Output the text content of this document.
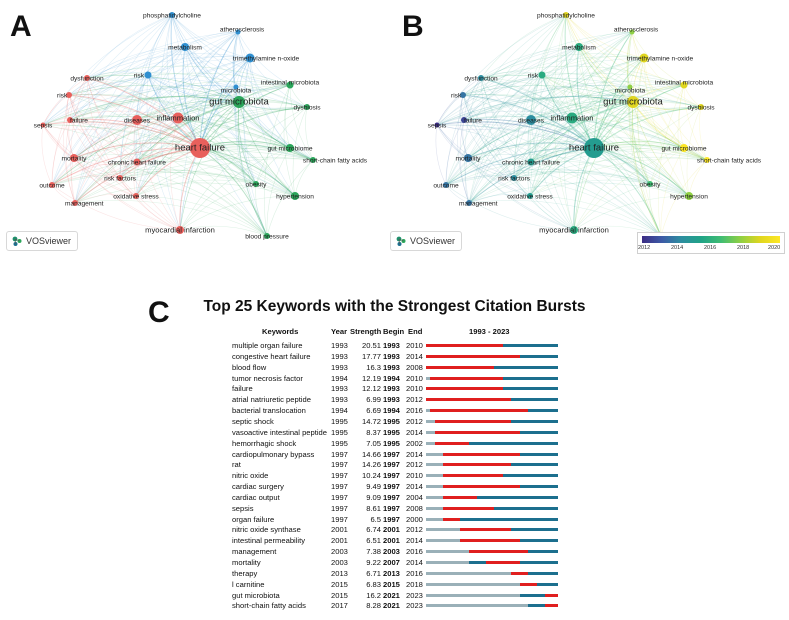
A	B
C
phosphatidylcholine
atherosclerosis
metabolism
trimethylamine n-oxide
risk
microbiota
intestinal microbiota
gut microbiota
dysbiosis
gut microbiome
short-chain fatty acids
obesity
hypertension
blood pressure
heart failure
inflammation
dysfunction
risk
failure
sepsis
diseases
mortality
chronic heart failure
risk factors
outcome
oxidative stress
management
myocardial infarction
phosphatidylcholine
atherosclerosis
metabolism
trimethylamine n-oxide
risk
microbiota
intestinal microbiota
gut microbiota
dysbiosis
gut microbiome
short-chain fatty acids
obesity
hypertension
heart failure
inflammation
dysfunction
risk
failure
sepsis
diseases
mortality
chronic heart failure
risk factors
outcome
oxidative stress
management
myocardial infarction
VOSviewer	VOSviewer
2012	2014	2016	2018	2020
Top 25 Keywords with the Strongest Citation Bursts
Keywords	Year Strength Begin End	1993 - 2023
multiple organ failure	1993	20.51 1993 2010
congestive heart failure	1993	17.77 1993 2014
blood flow	1993	16.3 1993 2008
tumor necrosis factor	1994	12.19 1994 2010
failure	1993	12.12 1993 2010
atrial natriuretic peptide	1993	6.99 1993 2012
bacterial translocation	1994	6.69 1994 2016
septic shock	1995	14.72 1995 2012
vasoactive intestinal peptide 1995	8.37 1995 2014
hemorrhagic shock	1995	7.05 1995 2002
cardiopulmonary bypass 1997	14.66 1997 2014
rat	1997	14.26 1997 2012
nitric oxide	1997	10.24 1997 2010
cardiac surgery	1997	9.49 1997 2014
cardiac output	1997	9.09 1997 2004
sepsis	1997	8.61 1997 2008
organ failure	1997	6.5 1997 2000
nitric oxide synthase	2001	6.74 2001 2012
intestinal permeability	2001	6.51 2001 2014
management	2003	7.38 2003 2016
mortality	2003	9.22 2007 2014
therapy	2013	6.71 2013 2016
l carnitine	2015	6.83 2015 2018
gut microbiota	2015	16.2 2021 2023
short-chain fatty acids	2017	8.28 2021 2023
